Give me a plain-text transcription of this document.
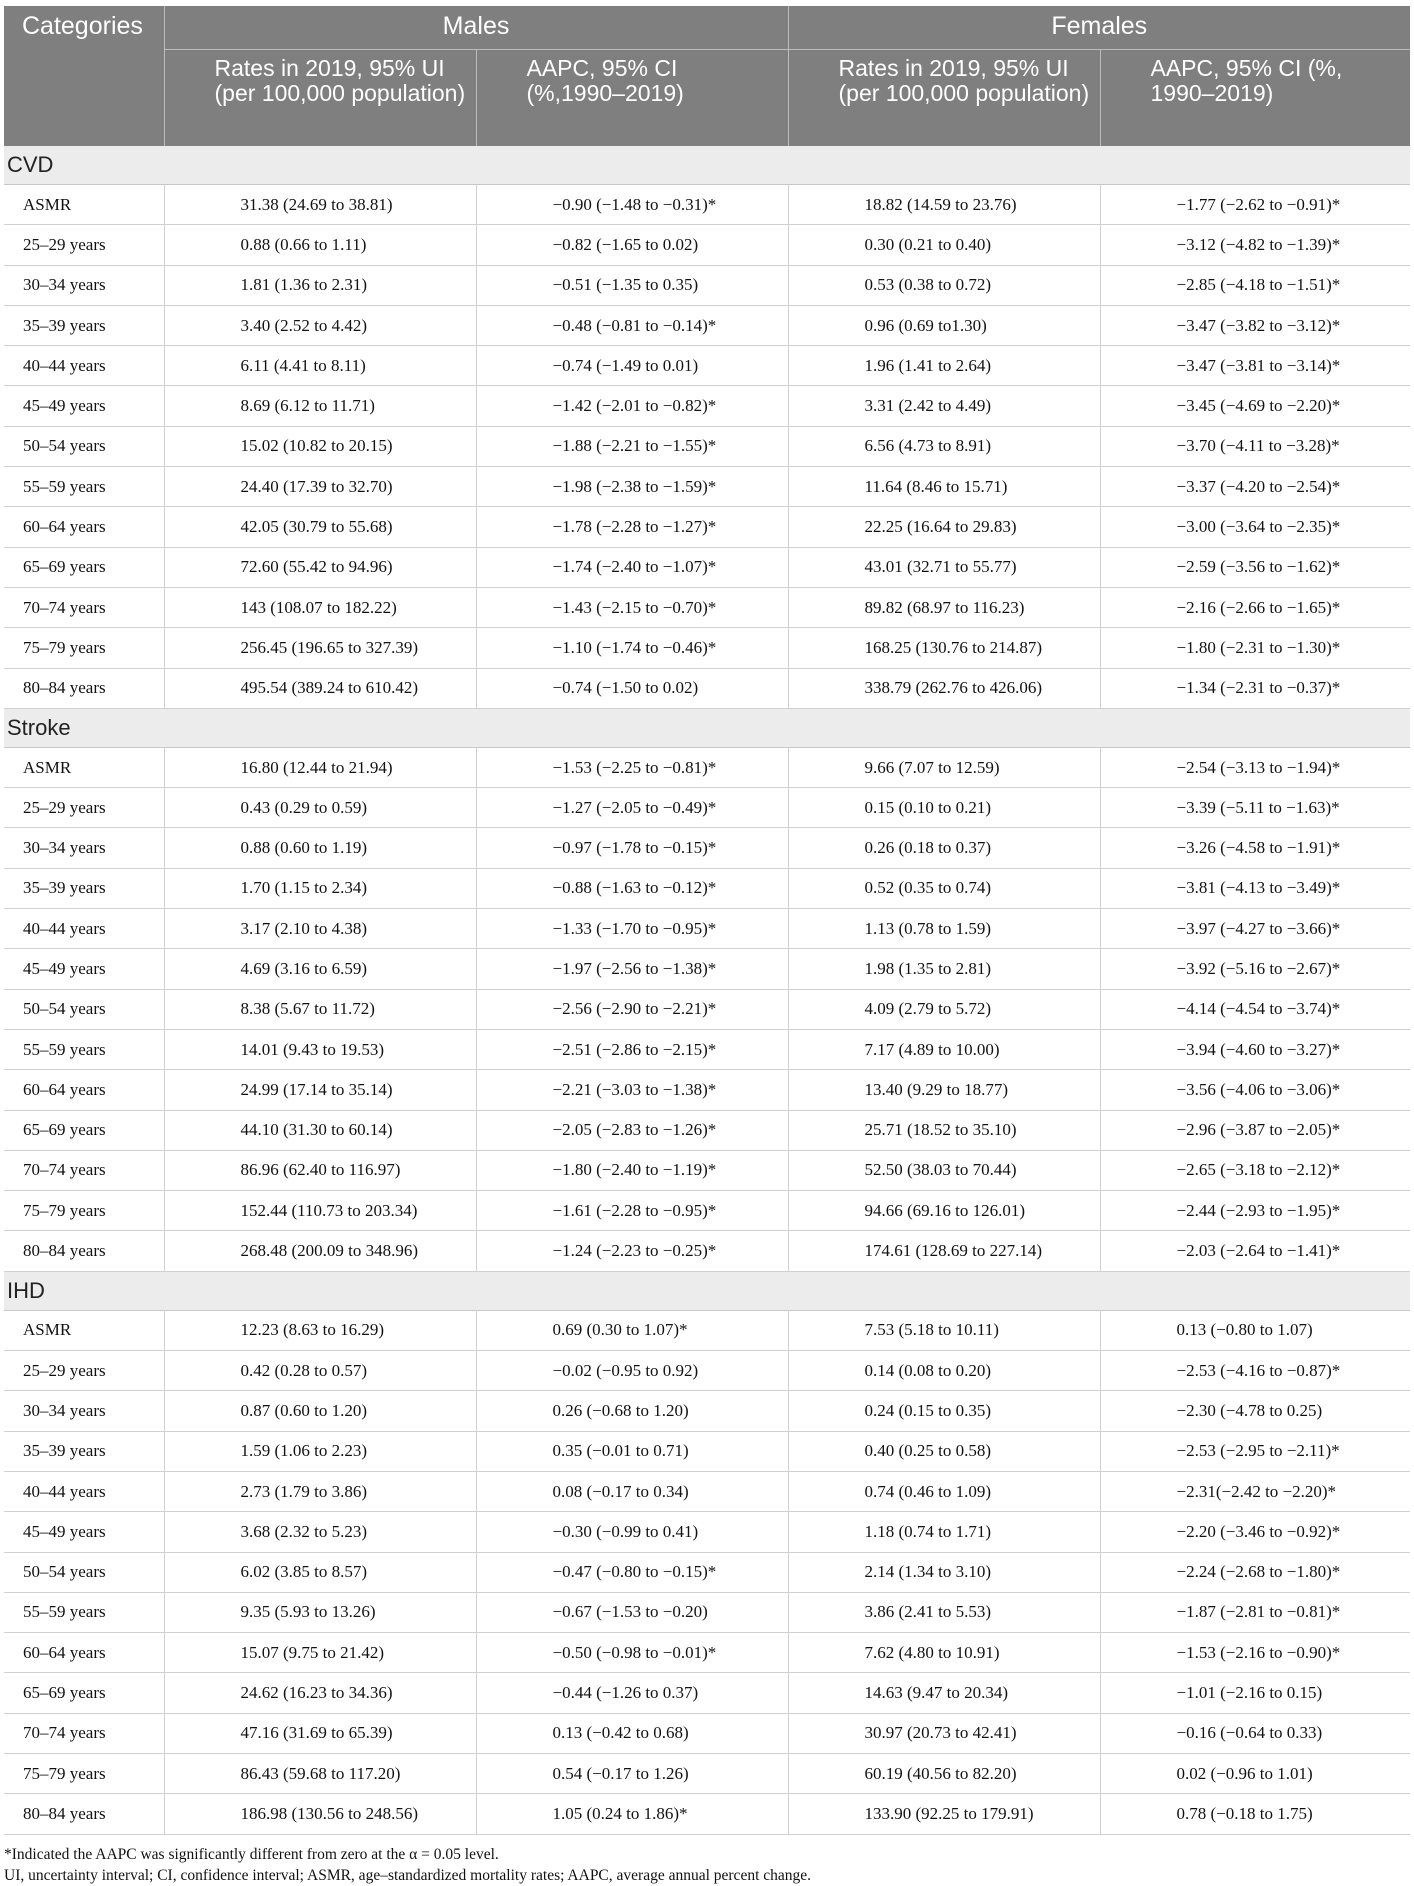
Categories	Males		Females	
	Rates in 2019, 95% UI (per 100,000 population)	AAPC, 95% CI (%,1990–2019)	Rates in 2019, 95% UI (per 100,000 population)	AAPC, 95% CI (%, 1990–2019)
CVD				
ASMR	31.38 (24.69 to 38.81)	−0.90 (−1.48 to −0.31)*	18.82 (14.59 to 23.76)	−1.77 (−2.62 to −0.91)*
25–29 years	0.88 (0.66 to 1.11)	−0.82 (−1.65 to 0.02)	0.30 (0.21 to 0.40)	−3.12 (−4.82 to −1.39)*
30–34 years	1.81 (1.36 to 2.31)	−0.51 (−1.35 to 0.35)	0.53 (0.38 to 0.72)	−2.85 (−4.18 to −1.51)*
35–39 years	3.40 (2.52 to 4.42)	−0.48 (−0.81 to −0.14)*	0.96 (0.69 to1.30)	−3.47 (−3.82 to −3.12)*
40–44 years	6.11 (4.41 to 8.11)	−0.74 (−1.49 to 0.01)	1.96 (1.41 to 2.64)	−3.47 (−3.81 to −3.14)*
45–49 years	8.69 (6.12 to 11.71)	−1.42 (−2.01 to −0.82)*	3.31 (2.42 to 4.49)	−3.45 (−4.69 to −2.20)*
50–54 years	15.02 (10.82 to 20.15)	−1.88 (−2.21 to −1.55)*	6.56 (4.73 to 8.91)	−3.70 (−4.11 to −3.28)*
55–59 years	24.40 (17.39 to 32.70)	−1.98 (−2.38 to −1.59)*	11.64 (8.46 to 15.71)	−3.37 (−4.20 to −2.54)*
60–64 years	42.05 (30.79 to 55.68)	−1.78 (−2.28 to −1.27)*	22.25 (16.64 to 29.83)	−3.00 (−3.64 to −2.35)*
65–69 years	72.60 (55.42 to 94.96)	−1.74 (−2.40 to −1.07)*	43.01 (32.71 to 55.77)	−2.59 (−3.56 to −1.62)*
70–74 years	143 (108.07 to 182.22)	−1.43 (−2.15 to −0.70)*	89.82 (68.97 to 116.23)	−2.16 (−2.66 to −1.65)*
75–79 years	256.45 (196.65 to 327.39)	−1.10 (−1.74 to −0.46)*	168.25 (130.76 to 214.87)	−1.80 (−2.31 to −1.30)*
80–84 years	495.54 (389.24 to 610.42)	−0.74 (−1.50 to 0.02)	338.79 (262.76 to 426.06)	−1.34 (−2.31 to −0.37)*
Stroke				
ASMR	16.80 (12.44 to 21.94)	−1.53 (−2.25 to −0.81)*	9.66 (7.07 to 12.59)	−2.54 (−3.13 to −1.94)*
25–29 years	0.43 (0.29 to 0.59)	−1.27 (−2.05 to −0.49)*	0.15 (0.10 to 0.21)	−3.39 (−5.11 to −1.63)*
30–34 years	0.88 (0.60 to 1.19)	−0.97 (−1.78 to −0.15)*	0.26 (0.18 to 0.37)	−3.26 (−4.58 to −1.91)*
35–39 years	1.70 (1.15 to 2.34)	−0.88 (−1.63 to −0.12)*	0.52 (0.35 to 0.74)	−3.81 (−4.13 to −3.49)*
40–44 years	3.17 (2.10 to 4.38)	−1.33 (−1.70 to −0.95)*	1.13 (0.78 to 1.59)	−3.97 (−4.27 to −3.66)*
45–49 years	4.69 (3.16 to 6.59)	−1.97 (−2.56 to −1.38)*	1.98 (1.35 to 2.81)	−3.92 (−5.16 to −2.67)*
50–54 years	8.38 (5.67 to 11.72)	−2.56 (−2.90 to −2.21)*	4.09 (2.79 to 5.72)	−4.14 (−4.54 to −3.74)*
55–59 years	14.01 (9.43 to 19.53)	−2.51 (−2.86 to −2.15)*	7.17 (4.89 to 10.00)	−3.94 (−4.60 to −3.27)*
60–64 years	24.99 (17.14 to 35.14)	−2.21 (−3.03 to −1.38)*	13.40 (9.29 to 18.77)	−3.56 (−4.06 to −3.06)*
65–69 years	44.10 (31.30 to 60.14)	−2.05 (−2.83 to −1.26)*	25.71 (18.52 to 35.10)	−2.96 (−3.87 to −2.05)*
70–74 years	86.96 (62.40 to 116.97)	−1.80 (−2.40 to −1.19)*	52.50 (38.03 to 70.44)	−2.65 (−3.18 to −2.12)*
75–79 years	152.44 (110.73 to 203.34)	−1.61 (−2.28 to −0.95)*	94.66 (69.16 to 126.01)	−2.44 (−2.93 to −1.95)*
80–84 years	268.48 (200.09 to 348.96)	−1.24 (−2.23 to −0.25)*	174.61 (128.69 to 227.14)	−2.03 (−2.64 to −1.41)*
IHD				
ASMR	12.23 (8.63 to 16.29)	0.69 (0.30 to 1.07)*	7.53 (5.18 to 10.11)	0.13 (−0.80 to 1.07)
25–29 years	0.42 (0.28 to 0.57)	−0.02 (−0.95 to 0.92)	0.14 (0.08 to 0.20)	−2.53 (−4.16 to −0.87)*
30–34 years	0.87 (0.60 to 1.20)	0.26 (−0.68 to 1.20)	0.24 (0.15 to 0.35)	−2.30 (−4.78 to 0.25)
35–39 years	1.59 (1.06 to 2.23)	0.35 (−0.01 to 0.71)	0.40 (0.25 to 0.58)	−2.53 (−2.95 to −2.11)*
40–44 years	2.73 (1.79 to 3.86)	0.08 (−0.17 to 0.34)	0.74 (0.46 to 1.09)	−2.31(−2.42 to −2.20)*
45–49 years	3.68 (2.32 to 5.23)	−0.30 (−0.99 to 0.41)	1.18 (0.74 to 1.71)	−2.20 (−3.46 to −0.92)*
50–54 years	6.02 (3.85 to 8.57)	−0.47 (−0.80 to −0.15)*	2.14 (1.34 to 3.10)	−2.24 (−2.68 to −1.80)*
55–59 years	9.35 (5.93 to 13.26)	−0.67 (−1.53 to −0.20)	3.86 (2.41 to 5.53)	−1.87 (−2.81 to −0.81)*
60–64 years	15.07 (9.75 to 21.42)	−0.50 (−0.98 to −0.01)*	7.62 (4.80 to 10.91)	−1.53 (−2.16 to −0.90)*
65–69 years	24.62 (16.23 to 34.36)	−0.44 (−1.26 to 0.37)	14.63 (9.47 to 20.34)	−1.01 (−2.16 to 0.15)
70–74 years	47.16 (31.69 to 65.39)	0.13 (−0.42 to 0.68)	30.97 (20.73 to 42.41)	−0.16 (−0.64 to 0.33)
75–79 years	86.43 (59.68 to 117.20)	0.54 (−0.17 to 1.26)	60.19 (40.56 to 82.20)	0.02 (−0.96 to 1.01)
80–84 years	186.98 (130.56 to 248.56)	1.05 (0.24 to 1.86)*	133.90 (92.25 to 179.91)	0.78 (−0.18 to 1.75)
*Indicated the AAPC was significantly different from zero at the α = 0.05 level.
UI, uncertainty interval; CI, confidence interval; ASMR, age–standardized mortality rates; AAPC, average annual percent change.
